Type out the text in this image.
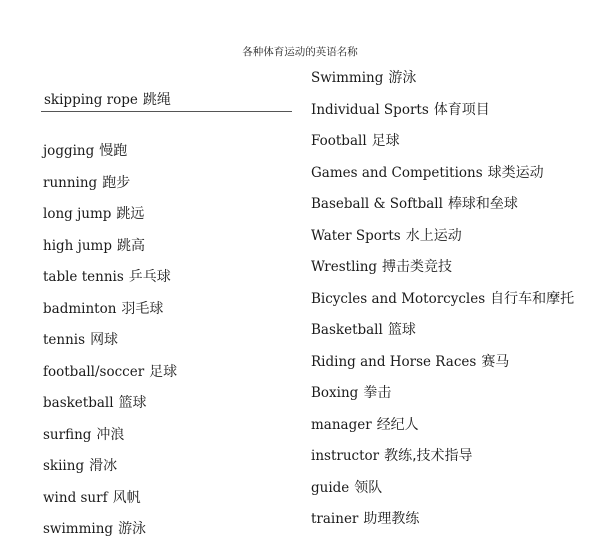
各种体育运动的英语名称
skipping rope 跳绳
jogging 慢跑
running 跑步
long jump 跳远
high jump 跳高
table tennis 乒乓球
badminton 羽毛球
tennis 网球
football/soccer 足球
basketball 篮球
surfing 冲浪
skiing 滑冰
wind surf 风帆
swimming 游泳
Swimming 游泳
Individual Sports 体育项目
Football 足球
Games and Competitions 球类运动
Baseball & Softball 棒球和垒球
Water Sports 水上运动
Wrestling 搏击类竞技
Bicycles and Motorcycles 自行车和摩托
Basketball 篮球
Riding and Horse Races 赛马
Boxing 拳击
manager 经纪人
instructor 教练,技术指导
guide 领队
trainer 助理教练
